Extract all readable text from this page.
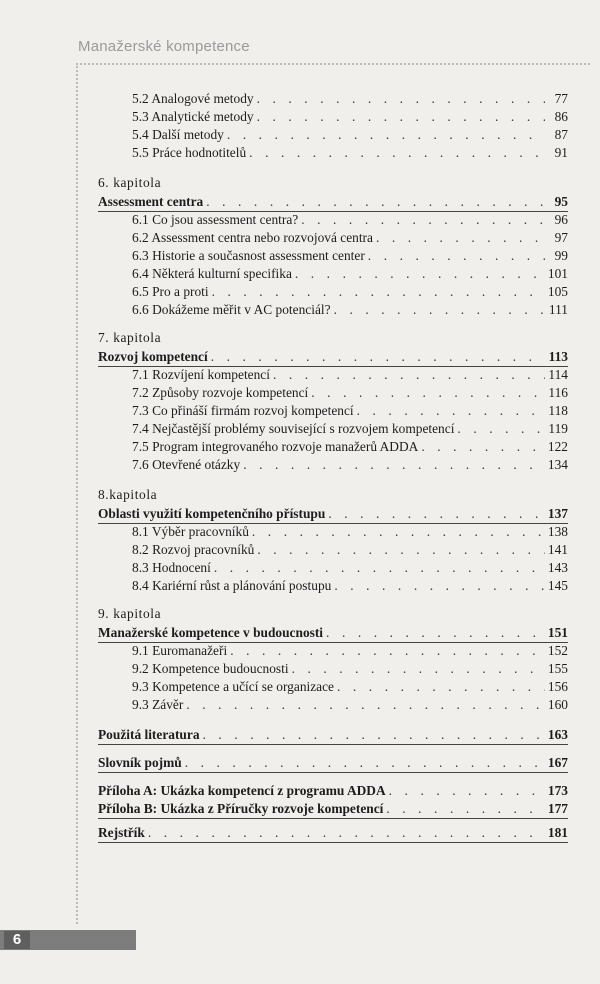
Manažerské kompetence
5.2 Analogové metody . . .	77
5.3 Analytické metody . . .	86
5.4 Další metody . . .	87
5.5 Práce hodnotitelů . . .	91
6. kapitola
Assessment centra . . .	95
6.1 Co jsou assessment centra? . . .	96
6.2 Assessment centra nebo rozvojová centra . . .	97
6.3 Historie a současnost assessment center . . .	99
6.4 Některá kulturní specifika . . .	101
6.5 Pro a proti . . .	105
6.6 Dokážeme měřit v AC potenciál? . . .	111
7. kapitola
Rozvoj kompetencí . . .	113
7.1 Rozvíjení kompetencí . . .	114
7.2 Způsoby rozvoje kompetencí . . .	116
7.3 Co přináší firmám rozvoj kompetencí . . .	118
7.4 Nejčastější problémy související s rozvojem kompetencí . . .	119
7.5 Program integrovaného rozvoje manažerů ADDA . . .	122
7.6 Otevřené otázky . . .	134
8.kapitola
Oblasti využití kompetenčního přístupu . . .	137
8.1 Výběr pracovníků . . .	138
8.2 Rozvoj pracovníků . . .	141
8.3 Hodnocení . . .	143
8.4 Kariérní růst a plánování postupu . . .	145
9. kapitola
Manažerské kompetence v budoucnosti . . .	151
9.1 Euromanažeři . . .	152
9.2 Kompetence budoucnosti . . .	155
9.3 Kompetence a učící se organizace . . .	156
9.3 Závěr . . .	160
Použitá literatura . . .	163
Slovník pojmů . . .	167
Příloha A: Ukázka kompetencí z programu ADDA . . .	173
Příloha B: Ukázka z Příručky rozvoje kompetencí . . .	177
Rejstřík . . .	181
6
